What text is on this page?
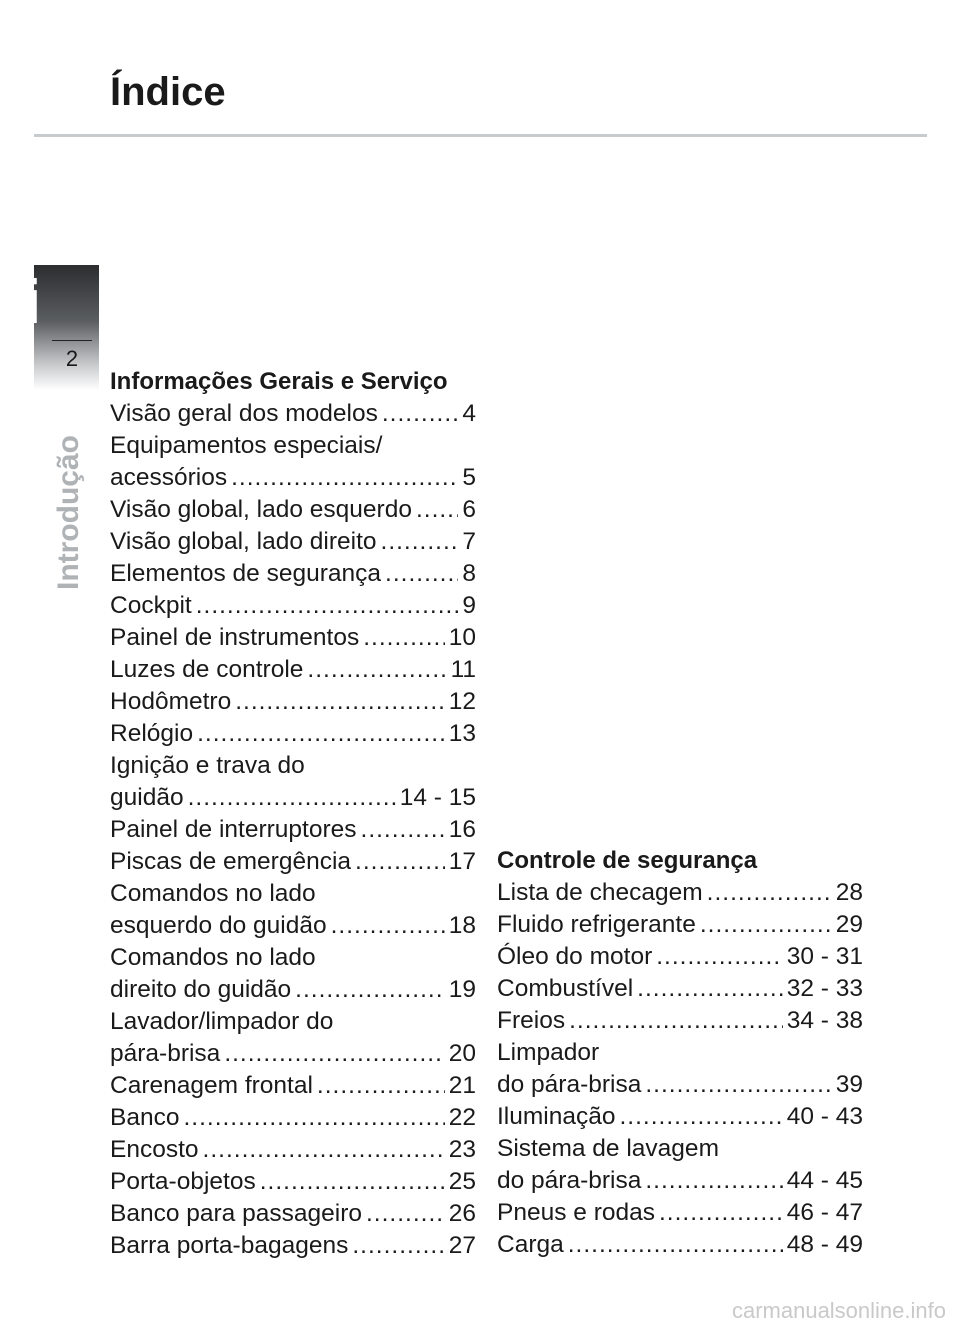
Índice
i
2
Introdução
Informações Gerais e Serviço
Visão geral dos modelos .....	4
Equipamentos especiais/
acessórios .....	5
Visão global, lado esquerdo ..... 6
Visão global, lado direito .....	7
Elementos de segurança .....	8
Cockpit .....	9
Painel de instrumentos .....	10
Luzes de controle .....	11
Hodômetro .....	12
Relógio .....	13
Ignição e trava do
guidão .....	14 - 15
Painel de interruptores .....	16
Piscas de emergência .....	17
Comandos no lado
esquerdo do guidão .....	18
Comandos no lado
direito do guidão .....	19
Lavador/limpador do
pára-brisa .....	20
Carenagem frontal .....	21
Banco .....	22
Encosto .....	23
Porta-objetos .....	25
Banco para passageiro .....	26
Barra porta-bagagens .....	27
Controle de segurança
Lista de checagem .....	28
Fluido refrigerante .....	29
Óleo do motor .....	30 - 31
Combustível .....	32 - 33
Freios .....	34 - 38
Limpador
do pára-brisa .....	39
Iluminação .....	40 - 43
Sistema de lavagem
do pára-brisa .....	44 - 45
Pneus e rodas .....	46 - 47
Carga .....	48 - 49
carmanualsonline.info
